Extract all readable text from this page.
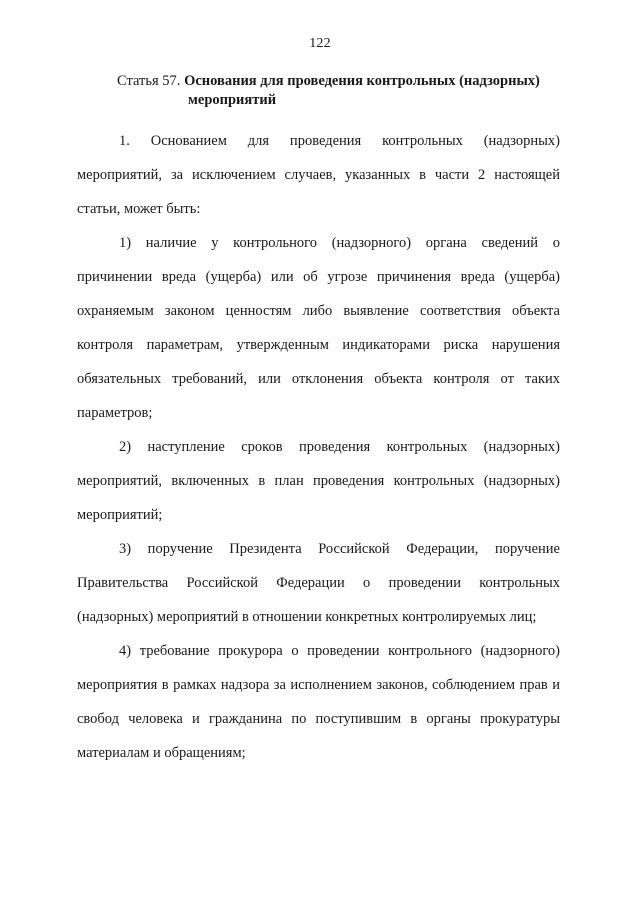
122
Статья 57. Основания для проведения контрольных (надзорных)
мероприятий

1. Основанием для проведения контрольных (надзорных) мероприятий, за исключением случаев, указанных в части 2 настоящей статьи, может быть:

1) наличие у контрольного (надзорного) органа сведений о причинении вреда (ущерба) или об угрозе причинения вреда (ущерба) охраняемым законом ценностям либо выявление соответствия объекта контроля параметрам, утвержденным индикаторами риска нарушения обязательных требований, или отклонения объекта контроля от таких параметров;

2) наступление сроков проведения контрольных (надзорных) мероприятий, включенных в план проведения контрольных (надзорных) мероприятий;

3) поручение Президента Российской Федерации, поручение Правительства Российской Федерации о проведении контрольных (надзорных) мероприятий в отношении конкретных контролируемых лиц;

4) требование прокурора о проведении контрольного (надзорного) мероприятия в рамках надзора за исполнением законов, соблюдением прав и свобод человека и гражданина по поступившим в органы прокуратуры материалам и обращениям;
